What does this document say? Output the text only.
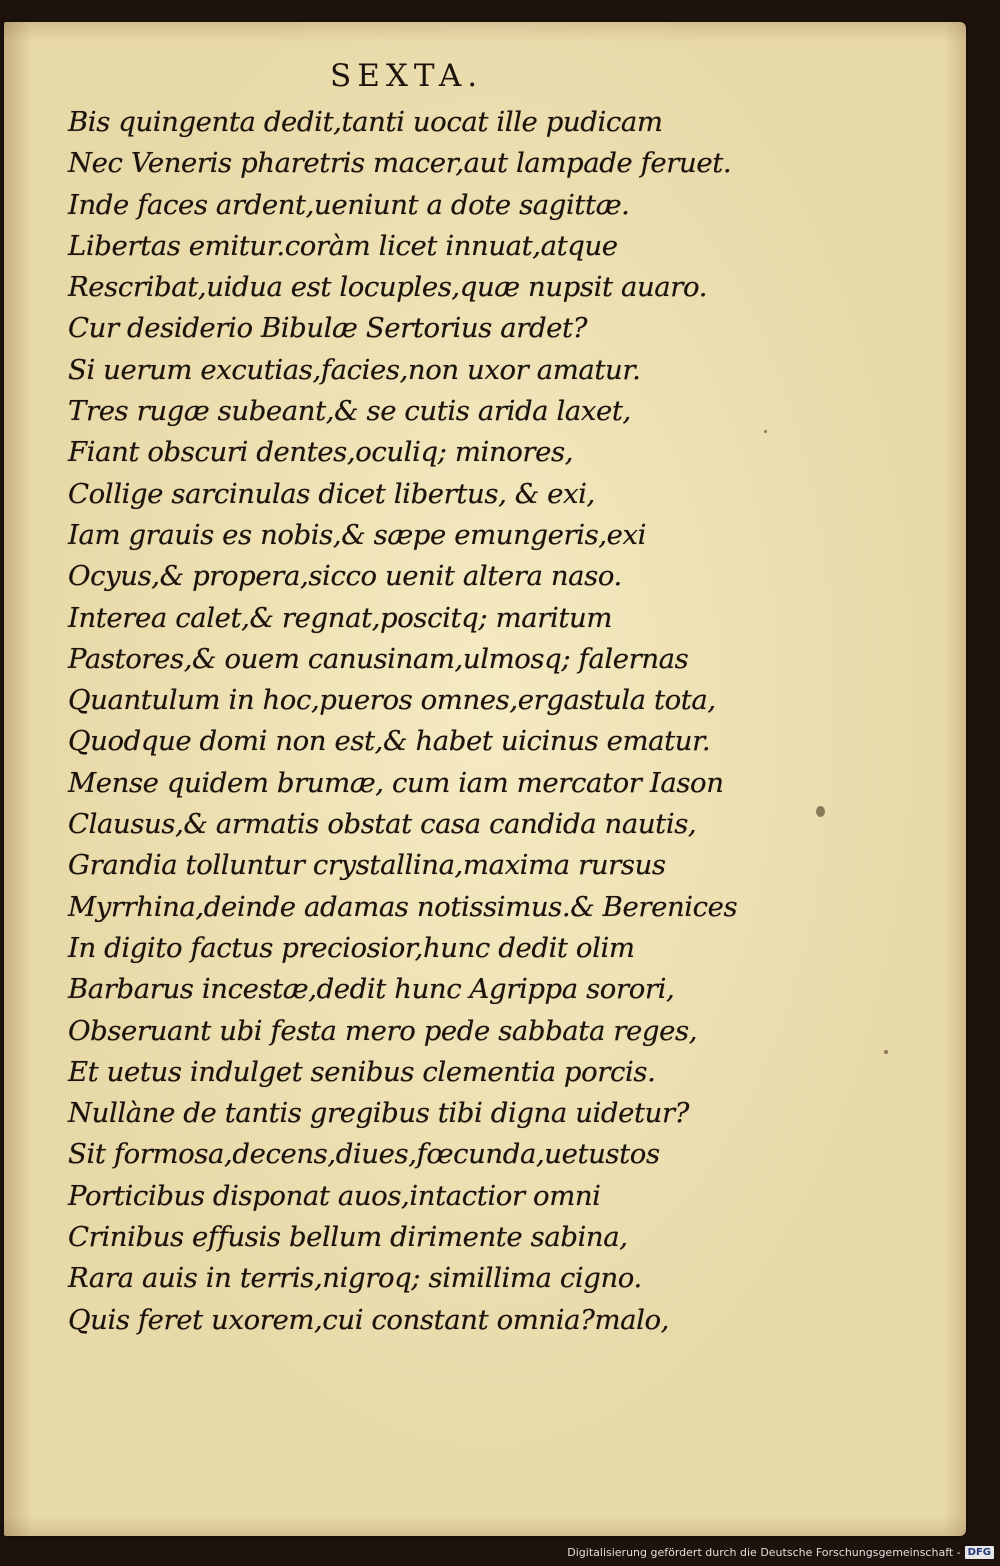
SEXTA.
Bis quingenta dedit,tanti uocat ille pudicam
Nec Veneris pharetris macer,aut lampade feruet.
Inde faces ardent,ueniunt a dote sagittæ.
Libertas emitur.coràm licet innuat,atque
Rescribat,uidua est locuples,quæ nupsit auaro.
Cur desiderio Bibulæ Sertorius ardet?
Si uerum excutias,facies,non uxor amatur.
Tres rugæ subeant,& se cutis arida laxet,
Fiant obscuri dentes,oculiq; minores,
Collige sarcinulas dicet libertus, & exi,
Iam grauis es nobis,& sæpe emungeris,exi
Ocyus,& propera,sicco uenit altera naso.
Interea calet,& regnat,poscitq; maritum
Pastores,& ouem canusinam,ulmosq; falernas
Quantulum in hoc,pueros omnes,ergastula tota,
Quodque domi non est,& habet uicinus ematur.
Mense quidem brumæ, cum iam mercator Iason
Clausus,& armatis obstat casa candida nautis,
Grandia tolluntur crystallina,maxima rursus
Myrrhina,deinde adamas notissimus.& Berenices
In digito factus preciosior,hunc dedit olim
Barbarus incestæ,dedit hunc Agrippa sorori,
Obseruant ubi festa mero pede sabbata reges,
Et uetus indulget senibus clementia porcis.
Nullàne de tantis gregibus tibi digna uidetur?
Sit formosa,decens,diues,fœcunda,uetustos
Porticibus disponat auos,intactior omni
Crinibus effusis bellum dirimente sabina,
Rara auis in terris,nigroq; simillima cigno.
Quis feret uxorem,cui constant omnia?malo,
Digitalisierung gefördert durch die Deutsche Forschungsgemeinschaft - DFG
